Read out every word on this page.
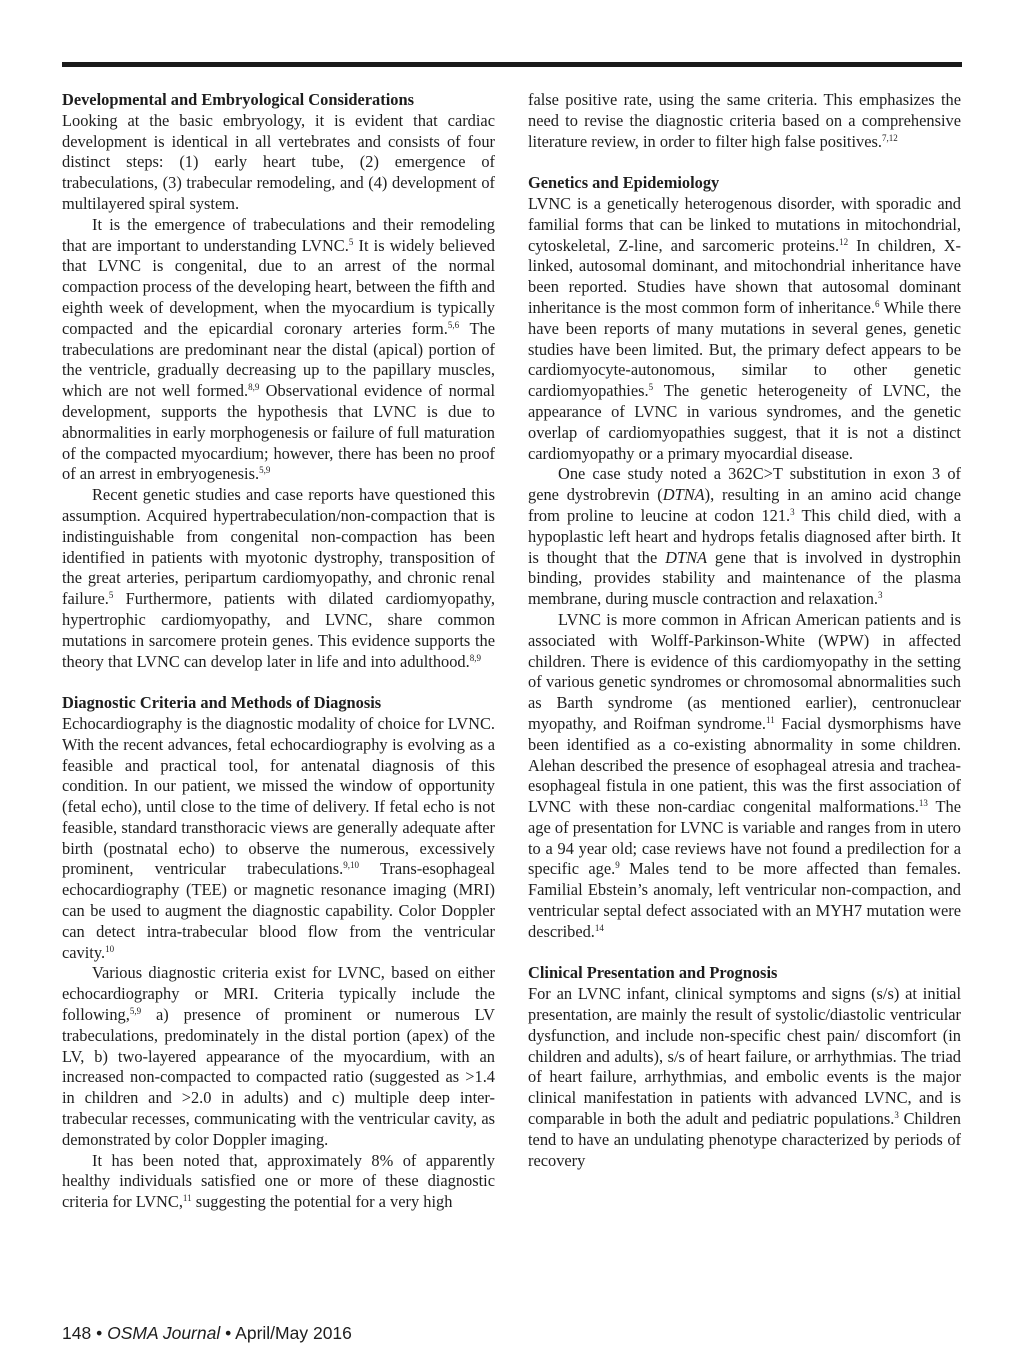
Developmental and Embryological Considerations

Looking at the basic embryology, it is evident that cardiac development is identical in all vertebrates and consists of four distinct steps: (1) early heart tube, (2) emergence of trabeculations, (3) trabecular remodeling, and (4) development of multilayered spiral system.

It is the emergence of trabeculations and their remodeling that are important to understanding LVNC.$^5$ It is widely believed that LVNC is congenital, due to an arrest of the normal compaction process of the developing heart, between the fifth and eighth week of development, when the myocardium is typically compacted and the epicardial coronary arteries form.$^{5,6}$ The trabeculations are predominant near the distal (apical) portion of the ventricle, gradually decreasing up to the papillary muscles, which are not well formed.$^{8,9}$ Observational evidence of normal development, supports the hypothesis that LVNC is due to abnormalities in early morphogenesis or failure of full maturation of the compacted myocardium; however, there has been no proof of an arrest in embryogenesis.$^{5,9}$

Recent genetic studies and case reports have questioned this assumption. Acquired hypertrabeculation/non-compaction that is indistinguishable from congenital non-compaction has been identified in patients with myotonic dystrophy, transposition of the great arteries, peripartum cardiomyopathy, and chronic renal failure.$^5$ Furthermore, patients with dilated cardiomyopathy, hypertrophic cardiomyopathy, and LVNC, share common mutations in sarcomere protein genes. This evidence supports the theory that LVNC can develop later in life and into adulthood.$^{8,9}$

Diagnostic Criteria and Methods of Diagnosis

Echocardiography is the diagnostic modality of choice for LVNC. With the recent advances, fetal echocardiography is evolving as a feasible and practical tool, for antenatal diagnosis of this condition. In our patient, we missed the window of opportunity (fetal echo), until close to the time of delivery. If fetal echo is not feasible, standard transthoracic views are generally adequate after birth (postnatal echo) to observe the numerous, excessively prominent, ventricular trabeculations.$^{9,10}$ Trans-esophageal echocardiography (TEE) or magnetic resonance imaging (MRI) can be used to augment the diagnostic capability. Color Doppler can detect intra-trabecular blood flow from the ventricular cavity.$^{10}$

Various diagnostic criteria exist for LVNC, based on either echocardiography or MRI. Criteria typically include the following,$^{5,9}$ a) presence of prominent or numerous LV trabeculations, predominately in the distal portion (apex) of the LV, b) two-layered appearance of the myocardium, with an increased non-compacted to compacted ratio (suggested as >1.4 in children and >2.0 in adults) and c) multiple deep inter-trabecular recesses, communicating with the ventricular cavity, as demonstrated by color Doppler imaging.

It has been noted that, approximately 8% of apparently healthy individuals satisfied one or more of these diagnostic criteria for LVNC,$^{11}$ suggesting the potential for a very high

false positive rate, using the same criteria. This emphasizes the need to revise the diagnostic criteria based on a comprehensive literature review, in order to filter high false positives.$^{7,12}$

Genetics and Epidemiology

LVNC is a genetically heterogenous disorder, with sporadic and familial forms that can be linked to mutations in mitochondrial, cytoskeletal, Z-line, and sarcomeric proteins.$^{12}$ In children, X-linked, autosomal dominant, and mitochondrial inheritance have been reported. Studies have shown that autosomal dominant inheritance is the most common form of inheritance.$^6$ While there have been reports of many mutations in several genes, genetic studies have been limited. But, the primary defect appears to be cardiomyocyte-autonomous, similar to other genetic cardiomyopathies.$^5$ The genetic heterogeneity of LVNC, the appearance of LVNC in various syndromes, and the genetic overlap of cardiomyopathies suggest, that it is not a distinct cardiomyopathy or a primary myocardial disease.

One case study noted a 362C>T substitution in exon 3 of gene dystrobrevin (DTNA), resulting in an amino acid change from proline to leucine at codon 121.$^3$ This child died, with a hypoplastic left heart and hydrops fetalis diagnosed after birth. It is thought that the DTNA gene that is involved in dystrophin binding, provides stability and maintenance of the plasma membrane, during muscle contraction and relaxation.$^3$

LVNC is more common in African American patients and is associated with Wolff-Parkinson-White (WPW) in affected children. There is evidence of this cardiomyopathy in the setting of various genetic syndromes or chromosomal abnormalities such as Barth syndrome (as mentioned earlier), centronuclear myopathy, and Roifman syndrome.$^{11}$ Facial dysmorphisms have been identified as a co-existing abnormality in some children. Alehan described the presence of esophageal atresia and trachea-esophageal fistula in one patient, this was the first association of LVNC with these non-cardiac congenital malformations.$^{13}$ The age of presentation for LVNC is variable and ranges from in utero to a 94 year old; case reviews have not found a predilection for a specific age.$^9$ Males tend to be more affected than females. Familial Ebstein’s anomaly, left ventricular non-compaction, and ventricular septal defect associated with an MYH7 mutation were described.$^{14}$

Clinical Presentation and Prognosis

For an LVNC infant, clinical symptoms and signs (s/s) at initial presentation, are mainly the result of systolic/diastolic ventricular dysfunction, and include non-specific chest pain/ discomfort (in children and adults), s/s of heart failure, or arrhythmias. The triad of heart failure, arrhythmias, and embolic events is the major clinical manifestation in patients with advanced LVNC, and is comparable in both the adult and pediatric populations.$^3$ Children tend to have an undulating phenotype characterized by periods of recovery

148 • OSMA Journal • April/May 2016
